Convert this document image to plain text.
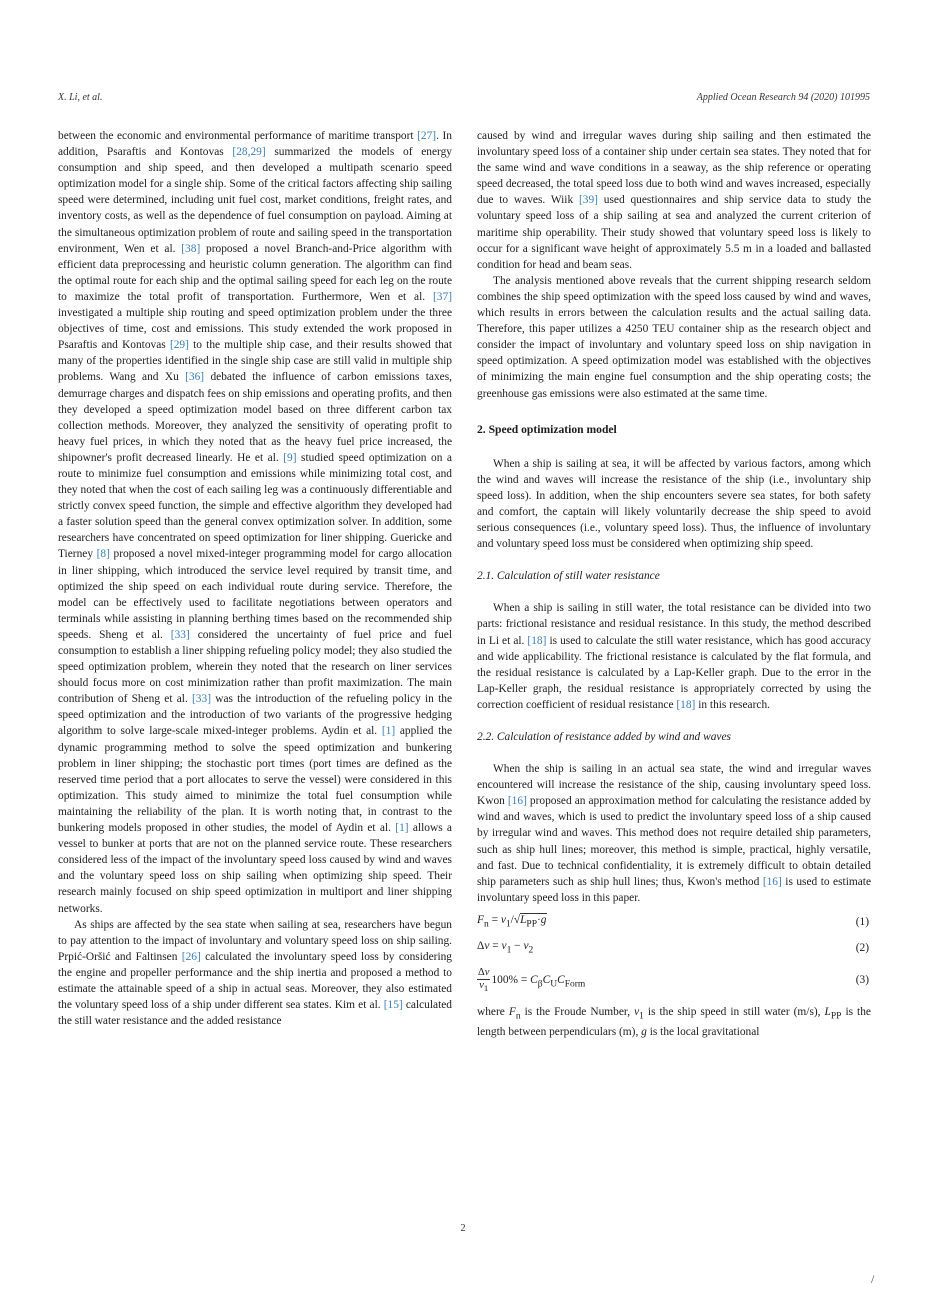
X. Li, et al.	Applied Ocean Research 94 (2020) 101995

between the economic and environmental performance of maritime transport [27]. In addition, Psaraftis and Kontovas [28,29] summarized the models of energy consumption and ship speed, and then developed a multipath scenario speed optimization model for a single ship. Some of the critical factors affecting ship sailing speed were determined, including unit fuel cost, market conditions, freight rates, and inventory costs, as well as the dependence of fuel consumption on payload. Aiming at the simultaneous optimization problem of route and sailing speed in the transportation environment, Wen et al. [38] proposed a novel Branch-and-Price algorithm with efficient data preprocessing and heuristic column generation. The algorithm can find the optimal route for each ship and the optimal sailing speed for each leg on the route to maximize the total profit of transportation. Furthermore, Wen et al. [37] investigated a multiple ship routing and speed optimization problem under the three objectives of time, cost and emissions. This study extended the work proposed in Psaraftis and Kontovas [29] to the multiple ship case, and their results showed that many of the properties identified in the single ship case are still valid in multiple ship problems. Wang and Xu [36] debated the influence of carbon emissions taxes, demurrage charges and dispatch fees on ship emissions and operating profits, and then they developed a speed optimization model based on three different carbon tax collection methods. Moreover, they analyzed the sensitivity of operating profit to heavy fuel prices, in which they noted that as the heavy fuel price increased, the shipowner's profit decreased linearly. He et al. [9] studied speed optimization on a route to minimize fuel consumption and emissions while minimizing total cost, and they noted that when the cost of each sailing leg was a continuously differentiable and strictly convex speed function, the simple and effective algorithm they developed had a faster solution speed than the general convex optimization solver. In addition, some researchers have concentrated on speed optimization for liner shipping. Guericke and Tierney [8] proposed a novel mixed-integer programming model for cargo allocation in liner shipping, which introduced the service level required by transit time, and optimized the ship speed on each individual route during service. Therefore, the model can be effectively used to facilitate negotiations between operators and terminals while assisting in planning berthing times based on the recommended ship speeds. Sheng et al. [33] considered the uncertainty of fuel price and fuel consumption to establish a liner shipping refueling policy model; they also studied the speed optimization problem, wherein they noted that the research on liner services should focus more on cost minimization rather than profit maximization. The main contribution of Sheng et al. [33] was the introduction of the refueling policy in the speed optimization and the introduction of two variants of the progressive hedging algorithm to solve large-scale mixed-integer problems. Aydin et al. [1] applied the dynamic programming method to solve the speed optimization and bunkering problem in liner shipping; the stochastic port times (port times are defined as the reserved time period that a port allocates to serve the vessel) were considered in this optimization. This study aimed to minimize the total fuel consumption while maintaining the reliability of the plan. It is worth noting that, in contrast to the bunkering models proposed in other studies, the model of Aydin et al. [1] allows a vessel to bunker at ports that are not on the planned service route. These researchers considered less of the impact of the involuntary speed loss caused by wind and waves and the voluntary speed loss on ship sailing when optimizing ship speed. Their research mainly focused on ship speed optimization in multiport and liner shipping networks.

As ships are affected by the sea state when sailing at sea, researchers have begun to pay attention to the impact of involuntary and voluntary speed loss on ship sailing. Prpić-Oršić and Faltinsen [26] calculated the involuntary speed loss by considering the engine and propeller performance and the ship inertia and proposed a method to estimate the attainable speed of a ship in actual seas. Moreover, they also estimated the voluntary speed loss of a ship under different sea states. Kim et al. [15] calculated the still water resistance and the added resistance

caused by wind and irregular waves during ship sailing and then estimated the involuntary speed loss of a container ship under certain sea states. They noted that for the same wind and wave conditions in a seaway, as the ship reference or operating speed decreased, the total speed loss due to both wind and waves increased, especially due to waves. Wiik [39] used questionnaires and ship service data to study the voluntary speed loss of a ship sailing at sea and analyzed the current criterion of maritime ship operability. Their study showed that voluntary speed loss is likely to occur for a significant wave height of approximately 5.5 m in a loaded and ballasted condition for head and beam seas.

The analysis mentioned above reveals that the current shipping research seldom combines the ship speed optimization with the speed loss caused by wind and waves, which results in errors between the calculation results and the actual sailing data. Therefore, this paper utilizes a 4250 TEU container ship as the research object and consider the impact of involuntary and voluntary speed loss on ship navigation in speed optimization. A speed optimization model was established with the objectives of minimizing the main engine fuel consumption and the ship operating costs; the greenhouse gas emissions were also estimated at the same time.

2. Speed optimization model

When a ship is sailing at sea, it will be affected by various factors, among which the wind and waves will increase the resistance of the ship (i.e., involuntary ship speed loss). In addition, when the ship encounters severe sea states, for both safety and comfort, the captain will likely voluntarily decrease the ship speed to avoid serious consequences (i.e., voluntary speed loss). Thus, the influence of involuntary and voluntary speed loss must be considered when optimizing ship speed.

2.1. Calculation of still water resistance

When a ship is sailing in still water, the total resistance can be divided into two parts: frictional resistance and residual resistance. In this study, the method described in Li et al. [18] is used to calculate the still water resistance, which has good accuracy and wide applicability. The frictional resistance is calculated by the flat formula, and the residual resistance is calculated by a Lap-Keller graph. Due to the error in the Lap-Keller graph, the residual resistance is appropriately corrected by using the correction coefficient of residual resistance [18] in this research.

2.2. Calculation of resistance added by wind and waves

When the ship is sailing in an actual sea state, the wind and irregular waves encountered will increase the resistance of the ship, causing involuntary speed loss. Kwon [16] proposed an approximation method for calculating the resistance added by wind and waves, which is used to predict the involuntary speed loss of a ship caused by irregular wind and waves. This method does not require detailed ship parameters, such as ship hull lines; moreover, this method is simple, practical, highly versatile, and fast. Due to technical confidentiality, it is extremely difficult to obtain detailed ship parameters such as ship hull lines; thus, Kwon's method [16] is used to estimate involuntary speed loss in this paper.

$F_n = v_1/√L_{PP}\cdot g$	(1)
$\Delta v = v_1 - v_2$	(2)
$\frac{\Delta v}{v_1} 100\% = C_\beta C_UC_{Form}$	(3)

where $F_n$ is the Froude Number, $v_1$ is the ship speed in still water (m/s), $L_{PP}$ is the length between perpendiculars (m), g is the local gravitational

2
/
